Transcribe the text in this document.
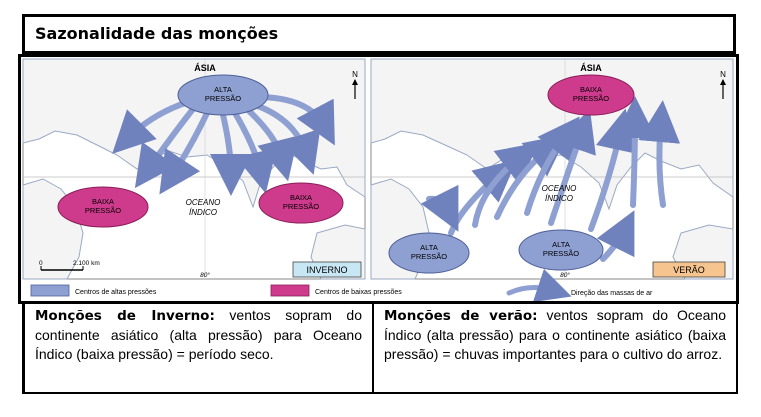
Sazonalidade das monções
ÁSIA
ALTA
PRESSÃO
BAIXA
PRESSÃO
BAIXA
PRESSÃO
OCEANO
ÍNDICO
N
0	2.100 km
80°
INVERNO
ÁSIA
BAIXA
PRESSÃO
OCEANO
ÍNDICO
ALTA
PRESSÃO
ALTA
PRESSÃO
N
80°
VERÃO
Centros de altas pressões	Centros de baixas pressões	Direção das massas de ar
Monções de Inverno: ventos sopram do continente asiático (alta pressão) para Oceano Índico (baixa pressão) = período seco.
Monções de verão: ventos sopram do Oceano Índico (alta pressão) para o continente asiático (baixa pressão) = chuvas importantes para o cultivo do arroz.
